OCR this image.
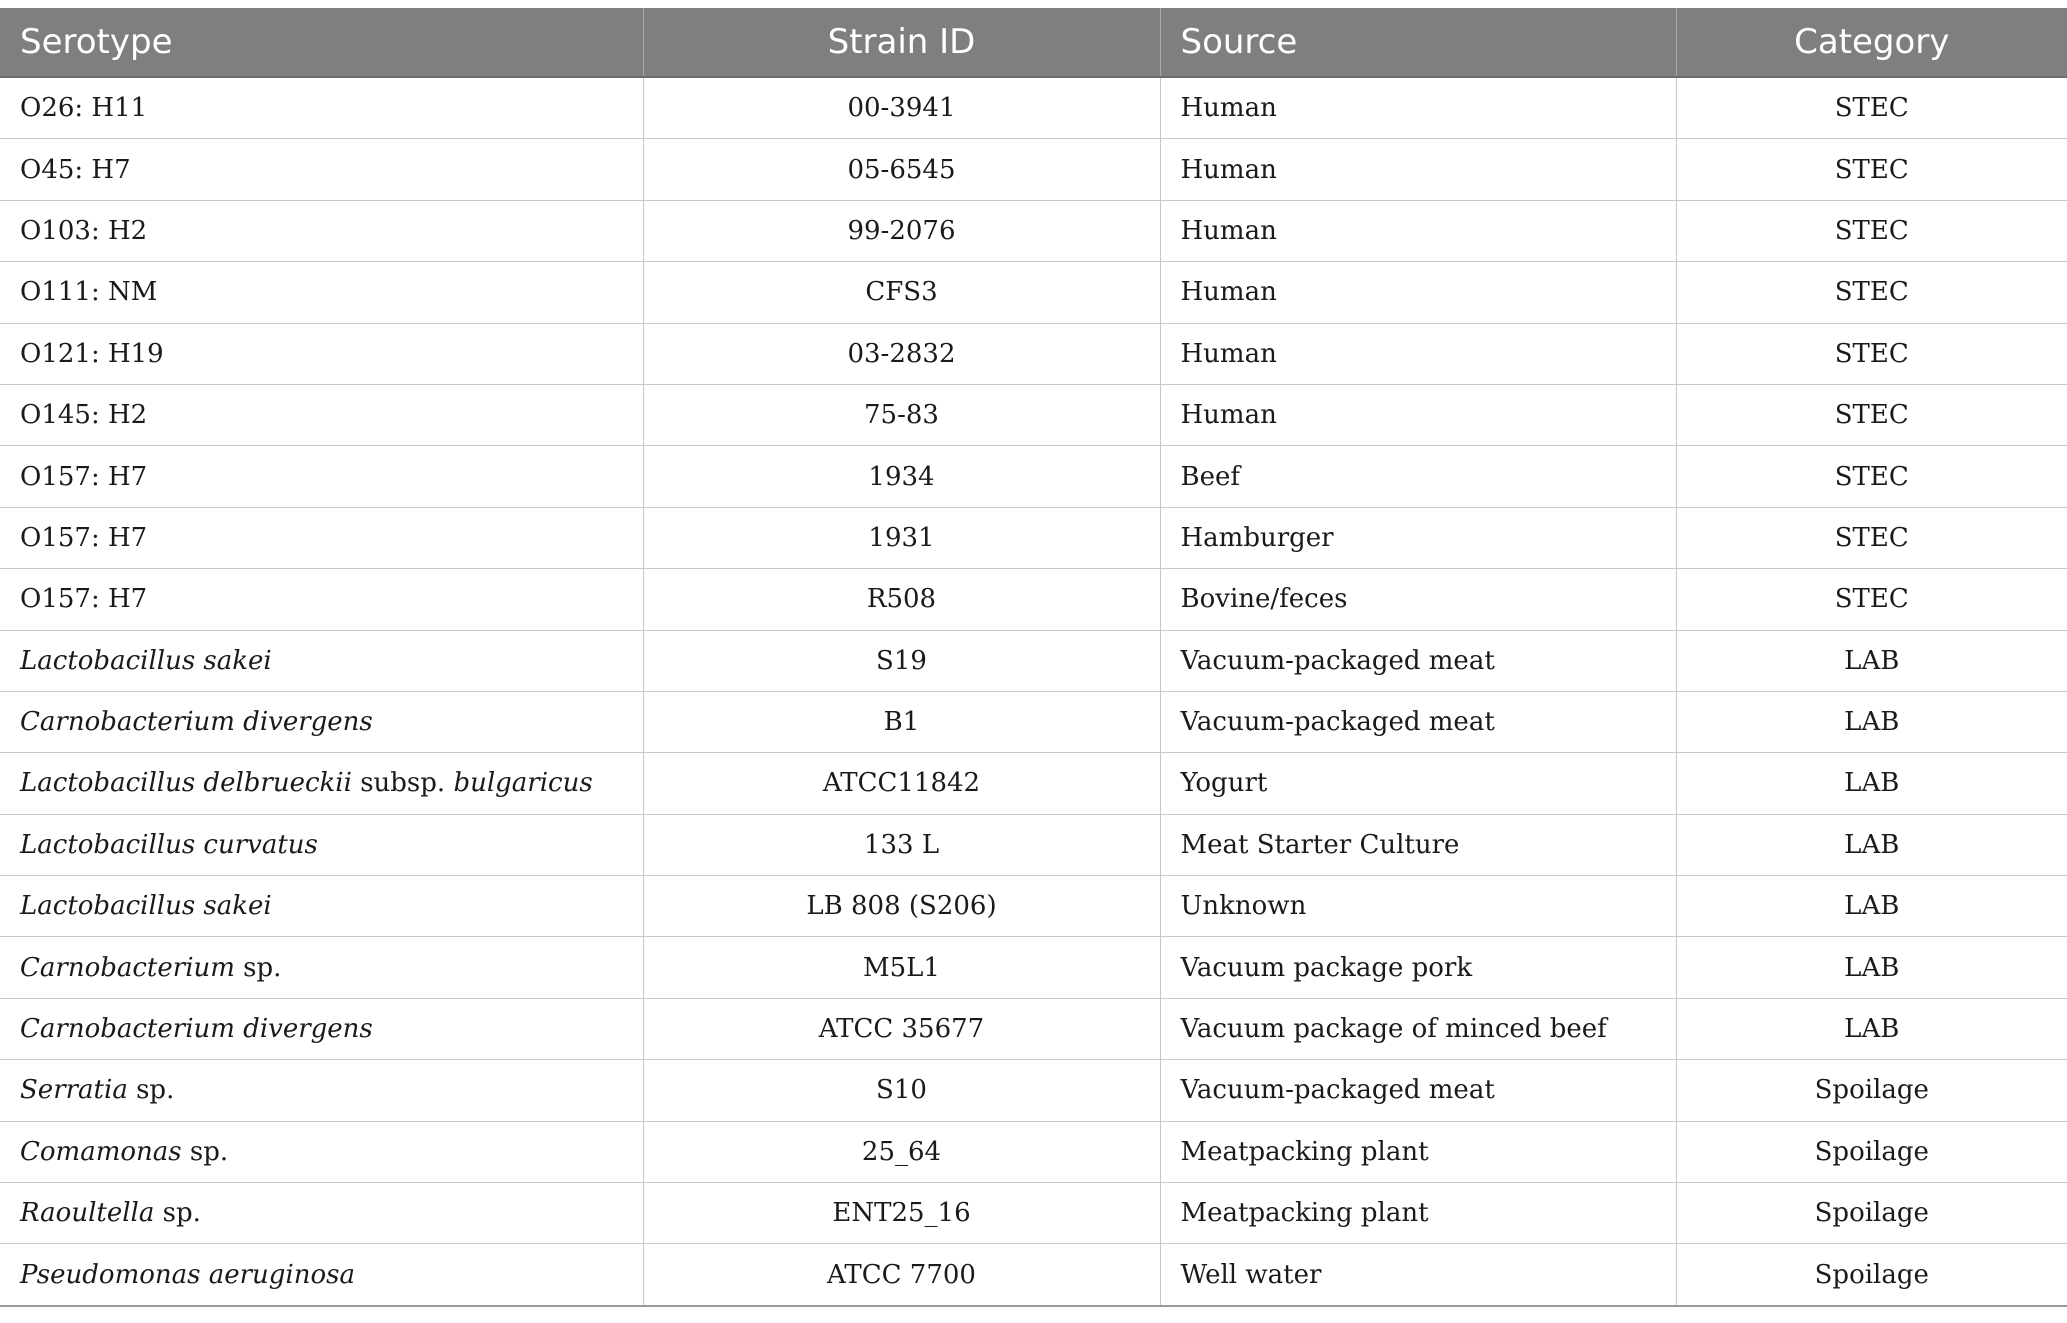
Serotype	Strain ID	Source	Category
O26: H11	00-3941	Human	STEC
O45: H7	05-6545	Human	STEC
O103: H2	99-2076	Human	STEC
O111: NM	CFS3	Human	STEC
O121: H19	03-2832	Human	STEC
O145: H2	75-83	Human	STEC
O157: H7	1934	Beef	STEC
O157: H7	1931	Hamburger	STEC
O157: H7	R508	Bovine/feces	STEC
Lactobacillus sakei	S19	Vacuum-packaged meat	LAB
Carnobacterium divergens	B1	Vacuum-packaged meat	LAB
Lactobacillus delbrueckii subsp. bulgaricus	ATCC11842	Yogurt	LAB
Lactobacillus curvatus	133 L	Meat Starter Culture	LAB
Lactobacillus sakei	LB 808 (S206)	Unknown	LAB
Carnobacterium sp.	M5L1	Vacuum package pork	LAB
Carnobacterium divergens	ATCC 35677	Vacuum package of minced beef	LAB
Serratia sp.	S10	Vacuum-packaged meat	Spoilage
Comamonas sp.	25_64	Meatpacking plant	Spoilage
Raoultella sp.	ENT25_16	Meatpacking plant	Spoilage
Pseudomonas aeruginosa	ATCC 7700	Well water	Spoilage
